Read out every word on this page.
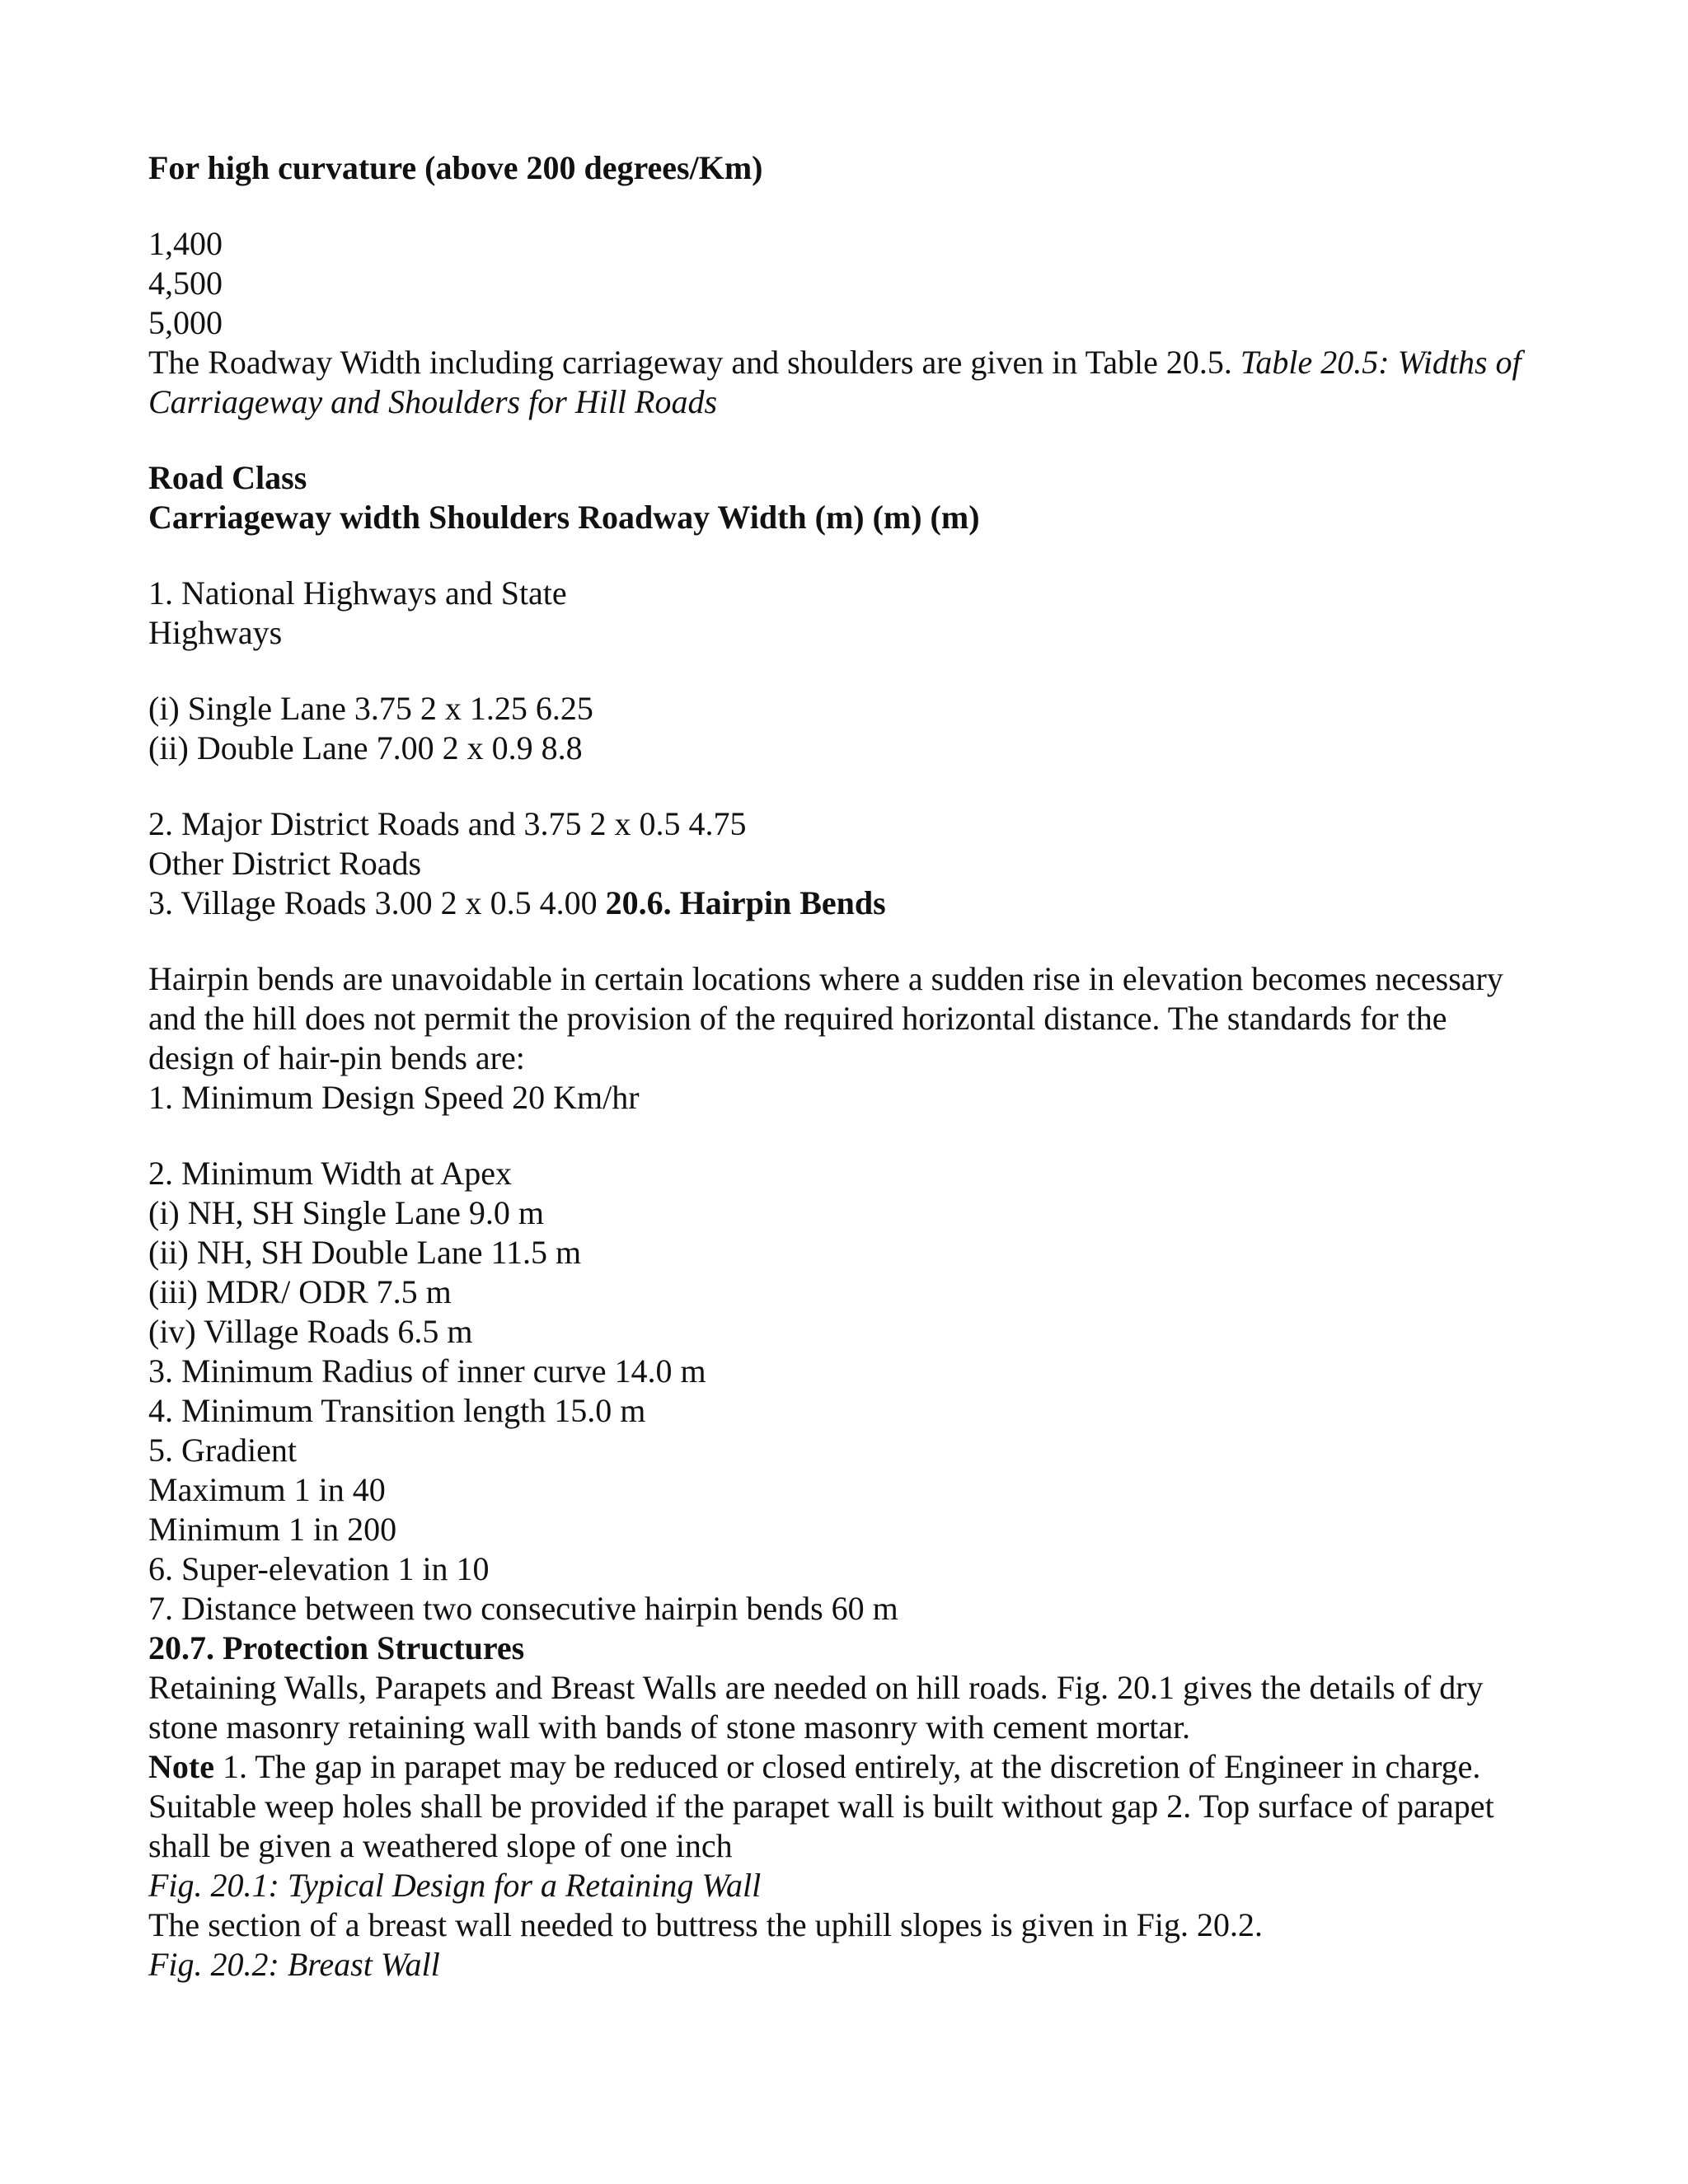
For high curvature (above 200 degrees/Km)
1,400
4,500
5,000
The Roadway Width including carriageway and shoulders are given in Table 20.5. Table 20.5: Widths of
Carriageway and Shoulders for Hill Roads
Road Class
Carriageway width Shoulders Roadway Width (m) (m) (m)
1. National Highways and State
Highways
(i) Single Lane 3.75 2 x 1.25 6.25
(ii) Double Lane 7.00 2 x 0.9 8.8
2. Major District Roads and 3.75 2 x 0.5 4.75
Other District Roads
3. Village Roads 3.00 2 x 0.5 4.00 20.6. Hairpin Bends
Hairpin bends are unavoidable in certain locations where a sudden rise in elevation becomes necessary
and the hill does not permit the provision of the required horizontal distance. The standards for the
design of hair-pin bends are:
1. Minimum Design Speed 20 Km/hr
2. Minimum Width at Apex
(i) NH, SH Single Lane 9.0 m
(ii) NH, SH Double Lane 11.5 m
(iii) MDR/ ODR 7.5 m
(iv) Village Roads 6.5 m
3. Minimum Radius of inner curve 14.0 m
4. Minimum Transition length 15.0 m
5. Gradient
Maximum 1 in 40
Minimum 1 in 200
6. Super-elevation 1 in 10
7. Distance between two consecutive hairpin bends 60 m
20.7. Protection Structures
Retaining Walls, Parapets and Breast Walls are needed on hill roads. Fig. 20.1 gives the details of dry
stone masonry retaining wall with bands of stone masonry with cement mortar.
Note 1. The gap in parapet may be reduced or closed entirely, at the discretion of Engineer in charge.
Suitable weep holes shall be provided if the parapet wall is built without gap 2. Top surface of parapet
shall be given a weathered slope of one inch
Fig. 20.1: Typical Design for a Retaining Wall
The section of a breast wall needed to buttress the uphill slopes is given in Fig. 20.2.
Fig. 20.2: Breast Wall
